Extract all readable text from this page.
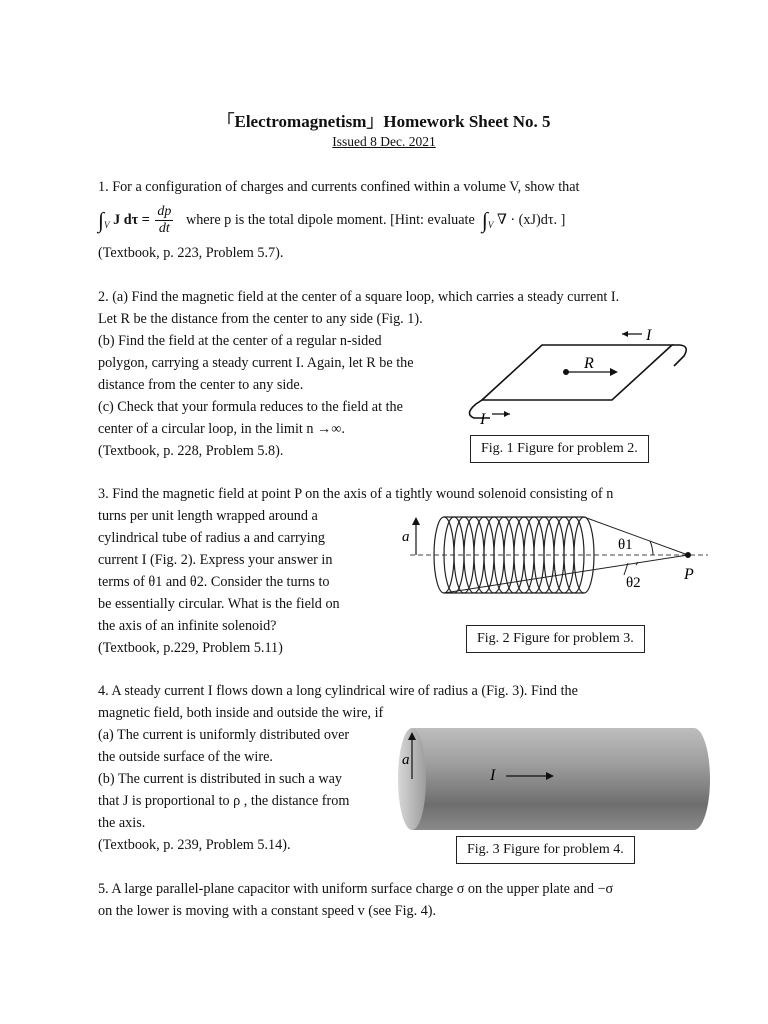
「Electromagnetism」Homework Sheet No. 5
Issued 8 Dec. 2021
1. For a configuration of charges and currents confined within a volume V, show that
$\int_V$ J $d\tau = \frac{dp}{dt}$ where p is the total dipole moment. [Hint: evaluate $\int_V$ ∇ · (xJ)dτ. ]
(Textbook, p. 223, Problem 5.7).
2. (a) Find the magnetic field at the center of a square loop, which carries a steady current I.
Let R be the distance from the center to any side (Fig. 1).
(b) Find the field at the center of a regular n-sided
polygon, carrying a steady current I. Again, let R be the
distance from the center to any side.
(c) Check that your formula reduces to the field at the
center of a circular loop, in the limit n →∞.
(Textbook, p. 228, Problem 5.8).
I
R
I
Fig. 1 Figure for problem 2.
3. Find the magnetic field at point P on the axis of a tightly wound solenoid consisting of n
turns per unit length wrapped around a
cylindrical tube of radius a and carrying
current I (Fig. 2). Express your answer in
terms of θ1 and θ2. Consider the turns to
be essentially circular. What is the field on
the axis of an infinite solenoid?
(Textbook, p.229, Problem 5.11)
a	θ1
θ2	P
Fig. 2 Figure for problem 3.
4. A steady current I flows down a long cylindrical wire of radius a (Fig. 3). Find the
magnetic field, both inside and outside the wire, if
(a) The current is uniformly distributed over
the outside surface of the wire.
(b) The current is distributed in such a way
that J is proportional to ρ , the distance from
the axis.
(Textbook, p. 239, Problem 5.14).
a
I
Fig. 3 Figure for problem 4.
5. A large parallel-plane capacitor with uniform surface charge σ on the upper plate and −σ
on the lower is moving with a constant speed v (see Fig. 4).
